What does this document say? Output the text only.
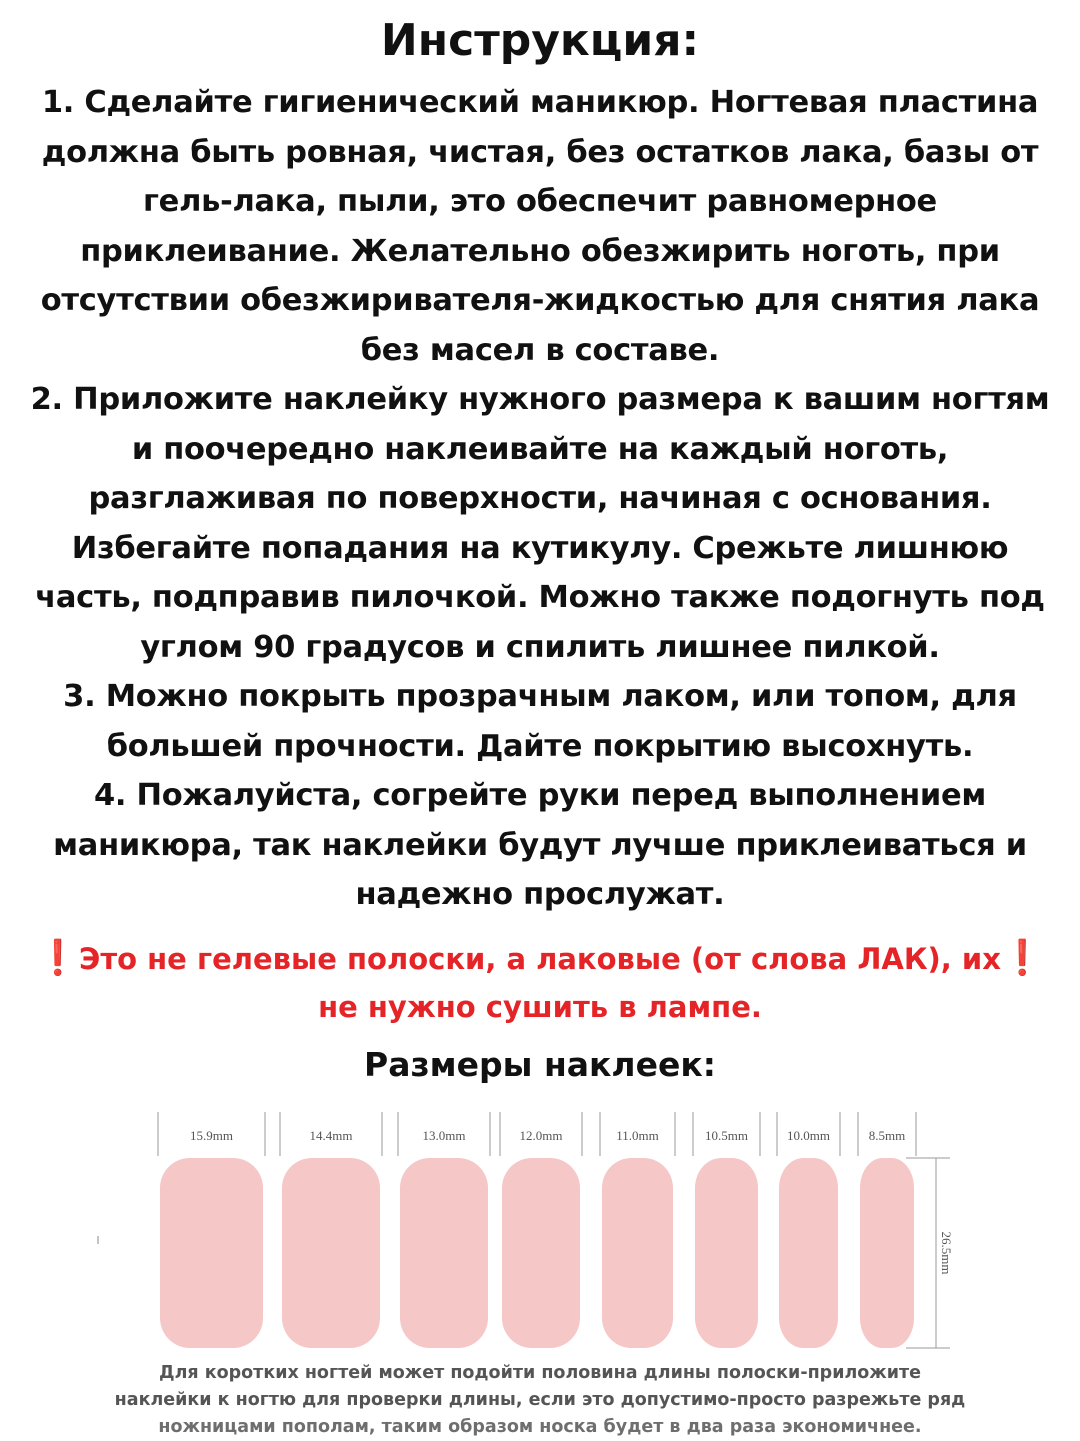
Инструкция:

1. Сделайте гигиенический маникюр. Ногтевая пластина

должна быть ровная, чистая, без остатков лака, базы от

гель-лака, пыли, это обеспечит равномерное

приклеивание. Желательно обезжирить ноготь, при

отсутствии обезжиривателя-жидкостью для снятия лака

без масел в составе.

2. Приложите наклейку нужного размера к вашим ногтям

и поочередно наклеивайте на каждый ноготь,

разглаживая по поверхности, начиная с основания.

Избегайте попадания на кутикулу. Срежьте лишнюю

часть, подправив пилочкой. Можно также подогнуть под

углом 90 градусов и спилить лишнее пилкой.

3. Можно покрыть прозрачным лаком, или топом, для

большей прочности. Дайте покрытию высохнуть.

4. Пожалуйста, согрейте руки перед выполнением

маникюра, так наклейки будут лучше приклеиваться и

надежно прослужат.

❗Это не гелевые полоски, а лаковые (от слова ЛАК), их❗

не нужно сушить в лампе.

Размеры наклеек:
15.9mm	14.4mm	13.0mm	12.0mm	11.0mm	10.5mm	10.0mm	8.5mm
26.5mm

Для коротких ногтей может подойти половина длины полоски-приложите

наклейки к ногтю для проверки длины, если это допустимо-просто разрежьте ряд

ножницами пополам, таким образом носка будет в два раза экономичнее.
